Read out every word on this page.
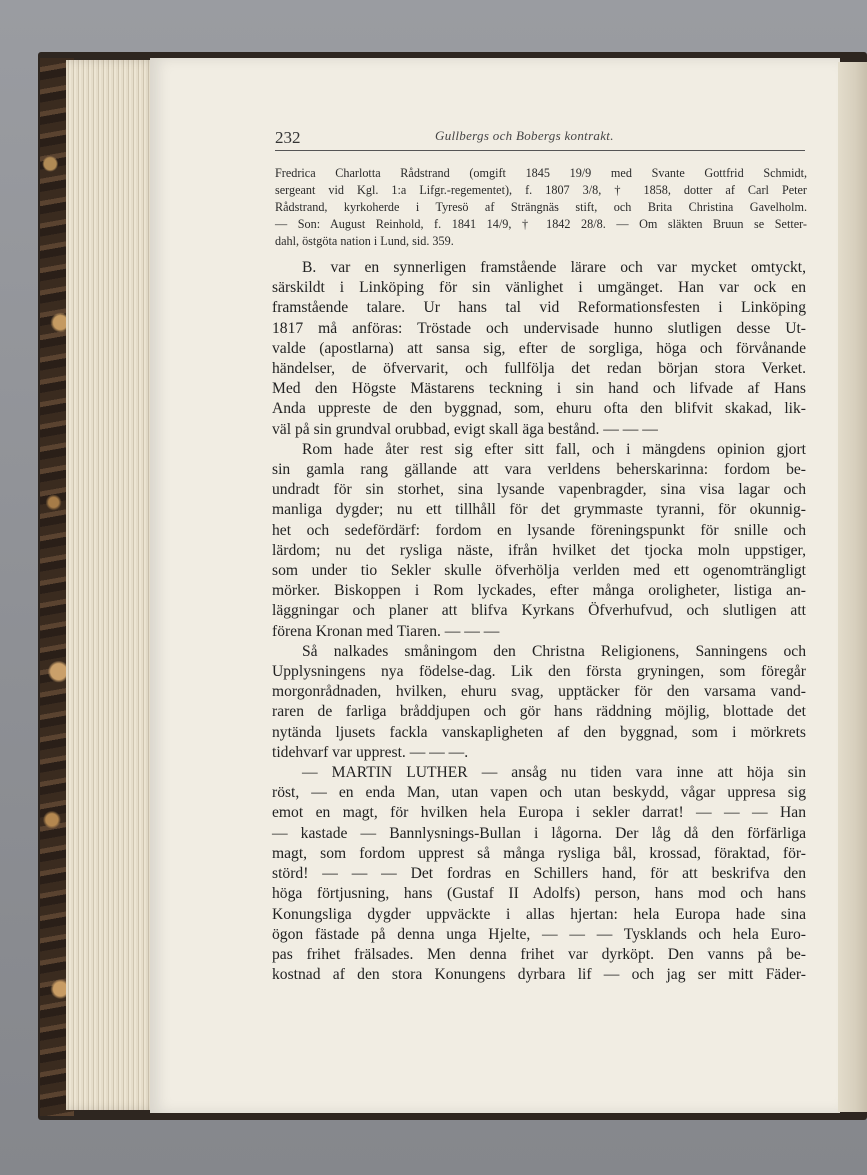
232	Gullbergs och Bobergs kontrakt.
Fredrica Charlotta Rådstrand (omgift 1845 19/9 med Svante Gottfrid Schmidt,
sergeant vid Kgl. 1:a Lifgr.-regementet), f. 1807 3/8, † 1858, dotter af Carl Peter
Rådstrand, kyrkoherde i Tyresö af Strängnäs stift, och Brita Christina Gavelholm.
— Son: August Reinhold, f. 1841 14/9, † 1842 28/8. — Om släkten Bruun se Setter-
dahl, östgöta nation i Lund, sid. 359.
B. var en synnerligen framstående lärare och var mycket omtyckt,
särskildt i Linköping för sin vänlighet i umgänget. Han var ock en
framstående talare. Ur hans tal vid Reformationsfesten i Linköping
1817 må anföras: Tröstade och undervisade hunno slutligen desse Ut-
valde (apostlarna) att sansa sig, efter de sorgliga, höga och förvånande
händelser, de öfvervarit, och fullfölja det redan början stora Verket.
Med den Högste Mästarens teckning i sin hand och lifvade af Hans
Anda uppreste de den byggnad, som, ehuru ofta den blifvit skakad, lik-
väl på sin grundval orubbad, evigt skall äga bestånd. — — —
Rom hade åter rest sig efter sitt fall, och i mängdens opinion gjort
sin gamla rang gällande att vara verldens beherskarinna: fordom be-
undradt för sin storhet, sina lysande vapenbragder, sina visa lagar och
manliga dygder; nu ett tillhåll för det grymmaste tyranni, för okunnig-
het och sedefördärf: fordom en lysande föreningspunkt för snille och
lärdom; nu det rysliga näste, ifrån hvilket det tjocka moln uppstiger,
som under tio Sekler skulle öfverhölja verlden med ett ogenomträngligt
mörker. Biskoppen i Rom lyckades, efter många oroligheter, listiga an-
läggningar och planer att blifva Kyrkans Öfverhufvud, och slutligen att
förena Kronan med Tiaren. — — —
Så nalkades småningom den Christna Religionens, Sanningens och
Upplysningens nya födelse-dag. Lik den första gryningen, som föregår
morgonrådnaden, hvilken, ehuru svag, upptäcker för den varsama vand-
raren de farliga bråddjupen och gör hans räddning möjlig, blottade det
nytända ljusets fackla vanskapligheten af den byggnad, som i mörkrets
tidehvarf var upprest. — — —.
— MARTIN LUTHER — ansåg nu tiden vara inne att höja sin
röst, — en enda Man, utan vapen och utan beskydd, vågar uppresa sig
emot en magt, för hvilken hela Europa i sekler darrat! — — — Han
— kastade — Bannlysnings-Bullan i lågorna. Der låg då den förfärliga
magt, som fordom upprest så många rysliga bål, krossad, föraktad, för-
störd! — — — Det fordras en Schillers hand, för att beskrifva den
höga förtjusning, hans (Gustaf II Adolfs) person, hans mod och hans
Konungsliga dygder uppväckte i allas hjertan: hela Europa hade sina
ögon fästade på denna unga Hjelte, — — — Tysklands och hela Euro-
pas frihet frälsades. Men denna frihet var dyrköpt. Den vanns på be-
kostnad af den stora Konungens dyrbara lif — och jag ser mitt Fäder-
